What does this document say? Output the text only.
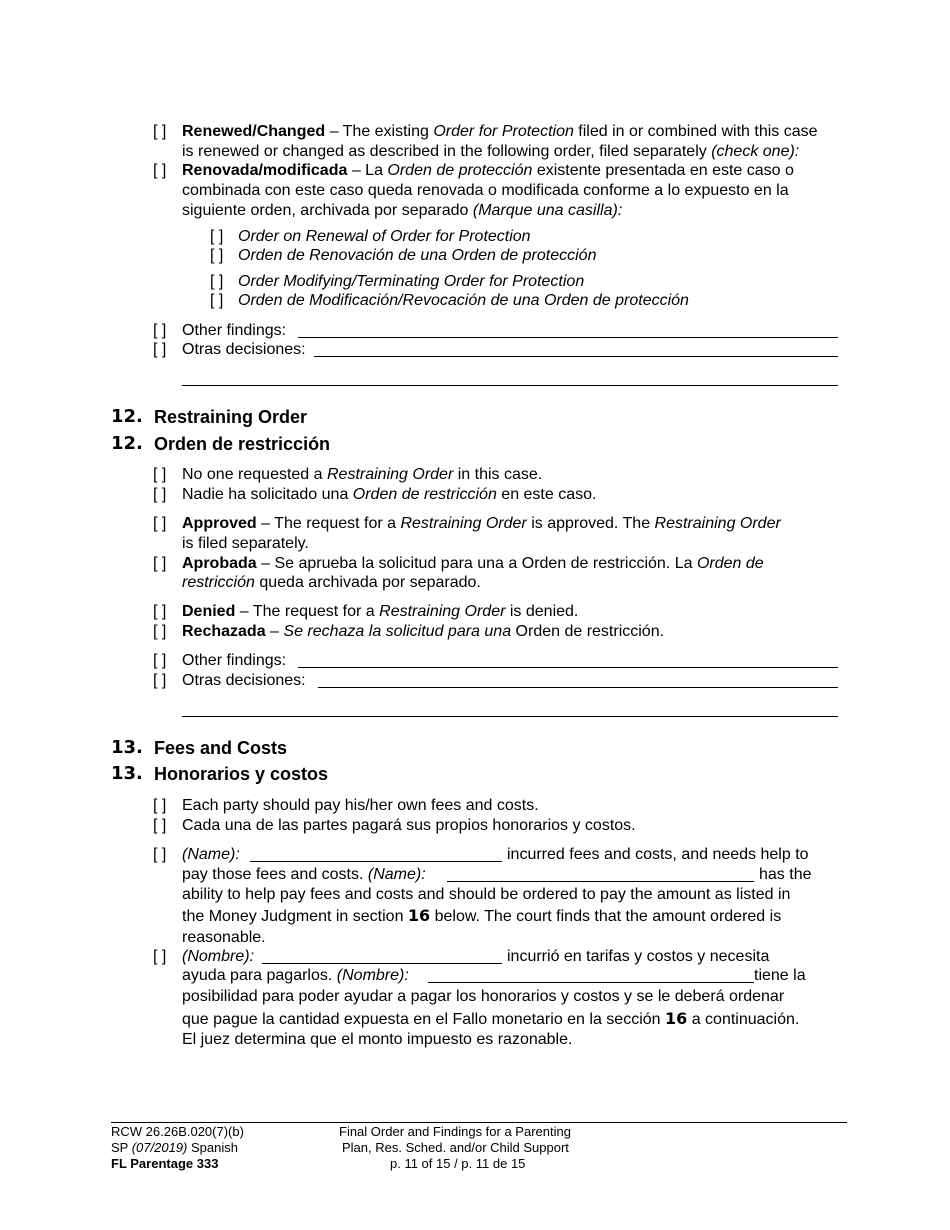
[ ] Renewed/Changed – The existing Order for Protection filed in or combined with this case
is renewed or changed as described in the following order, filed separately (check one):
[ ] Renovada/modificada – La Orden de protección existente presentada en este caso o
combinada con este caso queda renovada o modificada conforme a lo expuesto en la
siguiente orden, archivada por separado (Marque una casilla):
[ ] Order on Renewal of Order for Protection
[ ] Orden de Renovación de una Orden de protección
[ ] Order Modifying/Terminating Order for Protection
[ ] Orden de Modificación/Revocación de una Orden de protección
[ ] Other findings:
[ ] Otras decisiones:
12. Restraining Order
12. Orden de restricción
[ ] No one requested a Restraining Order in this case.
[ ] Nadie ha solicitado una Orden de restricción en este caso.
[ ] Approved – The request for a Restraining Order is approved. The Restraining Order
is filed separately.
[ ] Aprobada – Se aprueba la solicitud para una a Orden de restricción. La Orden de
restricción queda archivada por separado.
[ ] Denied – The request for a Restraining Order is denied.
[ ] Rechazada – Se rechaza la solicitud para una Orden de restricción.
[ ] Other findings:
[ ] Otras decisiones:
13. Fees and Costs
13. Honorarios y costos
[ ] Each party should pay his/her own fees and costs.
[ ] Cada una de las partes pagará sus propios honorarios y costos.
[ ] (Name):	incurred fees and costs, and needs help to
pay those fees and costs. (Name):	has the
ability to help pay fees and costs and should be ordered to pay the amount as listed in
the Money Judgment in section 16 below. The court finds that the amount ordered is
reasonable.
[ ] (Nombre):	incurrió en tarifas y costos y necesita
ayuda para pagarlos. (Nombre):	tiene la
posibilidad para poder ayudar a pagar los honorarios y costos y se le deberá ordenar
que pague la cantidad expuesta en el Fallo monetario en la sección 16 a continuación.
El juez determina que el monto impuesto es razonable.
RCW 26.26B.020(7)(b)
SP (07/2019) Spanish
FL Parentage 333
Final Order and Findings for a Parenting
Plan, Res. Sched. and/or Child Support
p. 11 of 15 / p. 11 de 15
